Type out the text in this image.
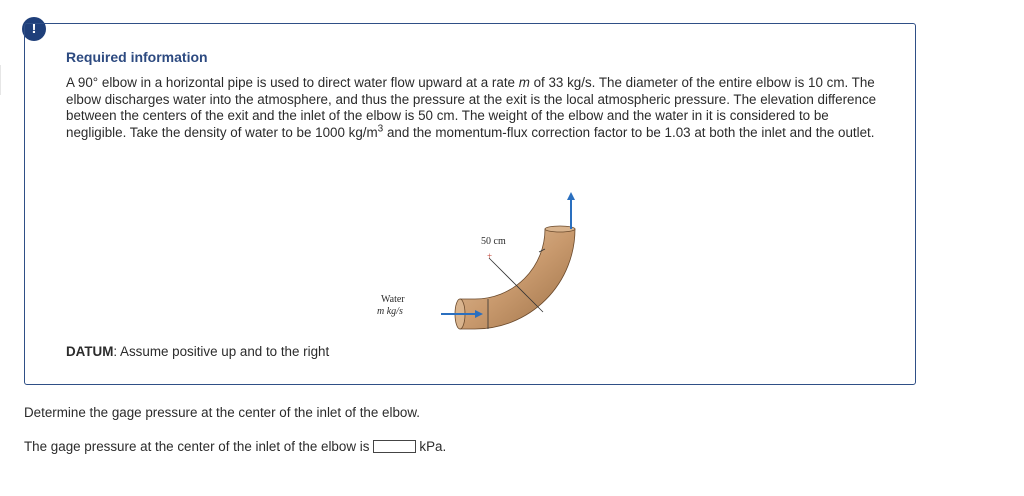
!
Required information
A 90° elbow in a horizontal pipe is used to direct water flow upward at a rate m of 33 kg/s. The diameter of the entire elbow is 10 cm. The elbow discharges water into the atmosphere, and thus the pressure at the exit is the local atmospheric pressure. The elevation difference between the centers of the exit and the inlet of the elbow is 50 cm. The weight of the elbow and the water in it is considered to be negligible. Take the density of water to be 1000 $kg/m^3$ and the momentum-flux correction factor to be 1.03 at both the inlet and the outlet.
+
50 cm
Water
m kg/s
DATUM: Assume positive up and to the right
Determine the gage pressure at the center of the inlet of the elbow.
The gage pressure at the center of the inlet of the elbow is	kPa.
